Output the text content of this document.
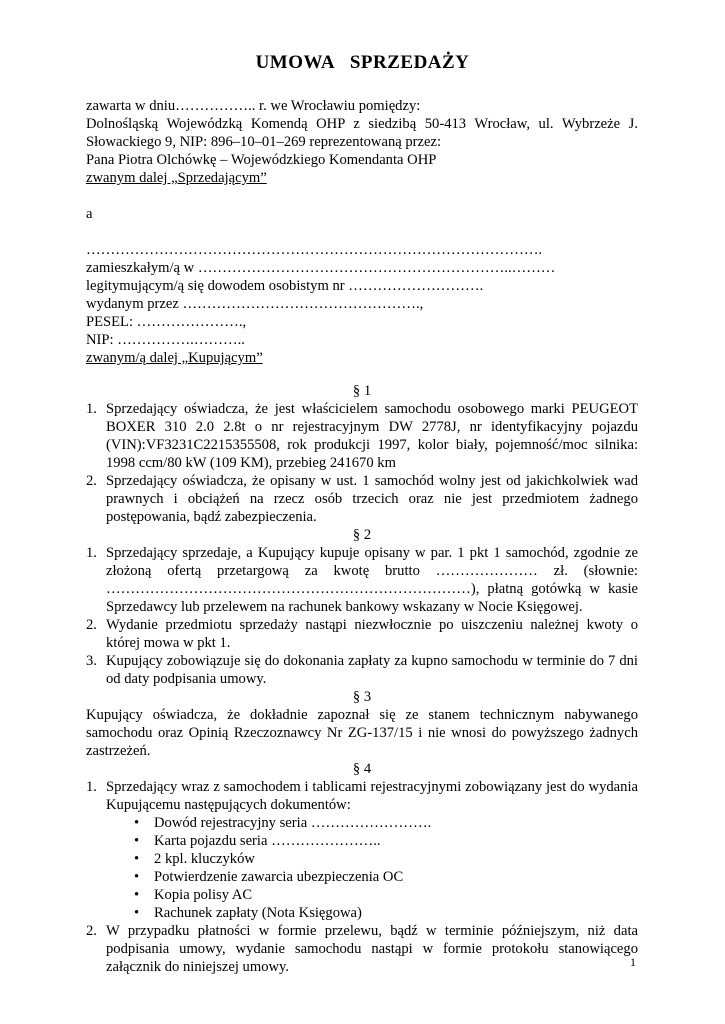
UMOWA   SPRZEDAŻY
zawarta w dniu…………….. r. we Wrocławiu pomiędzy:
Dolnośląską Wojewódzką Komendą OHP z siedzibą 50-413 Wrocław, ul. Wybrzeże J. Słowackiego 9, NIP: 896–10–01–269 reprezentowaną przez:
Pana Piotra Olchówkę – Wojewódzkiego Komendanta OHP
zwanym dalej „Sprzedającym”
a
………………………………………………………………………………….
zamieszkałym/ą w ………………………………………………………..………
legitymującym/ą się dowodem osobistym nr ……………………….
wydanym przez ………………………………………….,
PESEL: ………………….,
NIP: …………….………..
zwanym/ą dalej „Kupującym”
§ 1
1. Sprzedający oświadcza, że jest właścicielem samochodu osobowego marki PEUGEOT BOXER 310 2.0 2.8t o nr rejestracyjnym DW 2778J, nr identyfikacyjny pojazdu (VIN):VF3231C2215355508, rok produkcji 1997, kolor biały, pojemność/moc silnika: 1998 ccm/80 kW (109 KM), przebieg 241670 km
2. Sprzedający oświadcza, że opisany w ust. 1 samochód wolny jest od jakichkolwiek wad prawnych i obciążeń na rzecz osób trzecich oraz nie jest przedmiotem żadnego postępowania, bądź zabezpieczenia.
§ 2
1. Sprzedający sprzedaje, a Kupujący kupuje opisany w par. 1 pkt 1 samochód, zgodnie ze złożoną ofertą przetargową za kwotę brutto ………………… zł. (słownie: …………………………………………………………………), płatną gotówką w kasie Sprzedawcy lub przelewem na rachunek bankowy wskazany w Nocie Księgowej.
2. Wydanie przedmiotu sprzedaży nastąpi niezwłocznie po uiszczeniu należnej kwoty o której mowa w pkt 1.
3. Kupujący zobowiązuje się do dokonania zapłaty za kupno samochodu w terminie do 7 dni od daty podpisania umowy.
§ 3
Kupujący oświadcza, że dokładnie zapoznał się ze stanem technicznym nabywanego samochodu oraz Opinią Rzeczoznawcy Nr ZG-137/15 i nie wnosi do powyższego żadnych zastrzeżeń.
§ 4
1. Sprzedający wraz z samochodem i tablicami rejestracyjnymi zobowiązany jest do wydania Kupującemu następujących dokumentów:
• Dowód rejestracyjny seria …………………….
• Karta pojazdu seria …………………..
• 2 kpl. kluczyków
• Potwierdzenie zawarcia ubezpieczenia OC
• Kopia polisy AC
• Rachunek zapłaty (Nota Księgowa)
2. W przypadku płatności w formie przelewu, bądź w terminie późniejszym, niż data podpisania umowy, wydanie samochodu nastąpi w formie protokołu stanowiącego załącznik do niniejszej umowy.	1
